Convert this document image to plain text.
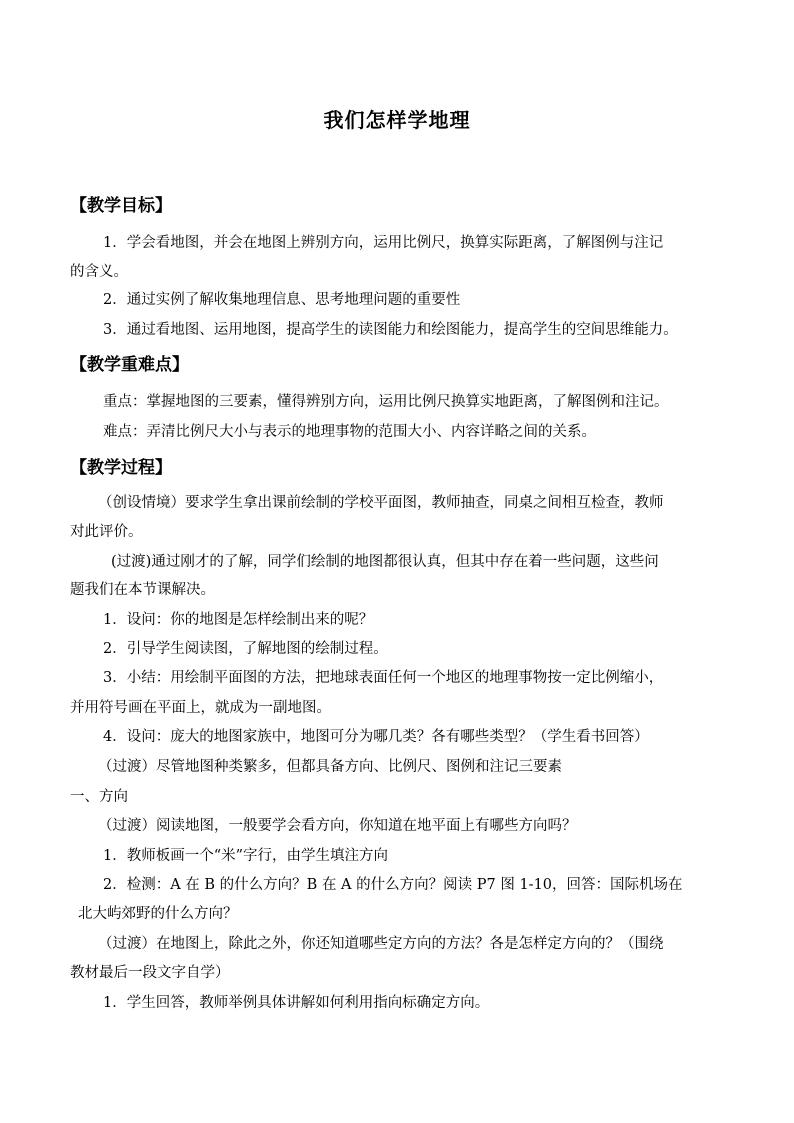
我们怎样学地理
【教学目标】
1．学会看地图，并会在地图上辨别方向，运用比例尺，换算实际距离，了解图例与注记
的含义。
2．通过实例了解收集地理信息、思考地理问题的重要性
3．通过看地图、运用地图，提高学生的读图能力和绘图能力，提高学生的空间思维能力。
【教学重难点】
重点：掌握地图的三要素，懂得辨别方向，运用比例尺换算实地距离，了解图例和注记。
难点：弄清比例尺大小与表示的地理事物的范围大小、内容详略之间的关系。
【教学过程】
（创设情境）要求学生拿出课前绘制的学校平面图，教师抽查，同桌之间相互检查，教师
对此评价。
(过渡)通过刚才的了解，同学们绘制的地图都很认真，但其中存在着一些问题，这些问
题我们在本节课解决。
1．设问：你的地图是怎样绘制出来的呢？
2．引导学生阅读图，了解地图的绘制过程。
3．小结：用绘制平面图的方法，把地球表面任何一个地区的地理事物按一定比例缩小，
并用符号画在平面上，就成为一副地图。
4．设问：庞大的地图家族中，地图可分为哪几类？各有哪些类型？（学生看书回答）
（过渡）尽管地图种类繁多，但都具备方向、比例尺、图例和注记三要素
一、方向
（过渡）阅读地图，一般要学会看方向，你知道在地平面上有哪些方向吗？
1．教师板画一个“米”字行，由学生填注方向
2．检测：A 在 B 的什么方向？B 在 A 的什么方向？阅读 P7 图 1-10，回答：国际机场在
北大屿郊野的什么方向？
（过渡）在地图上，除此之外，你还知道哪些定方向的方法？各是怎样定方向的？（围绕
教材最后一段文字自学）
1．学生回答，教师举例具体讲解如何利用指向标确定方向。
